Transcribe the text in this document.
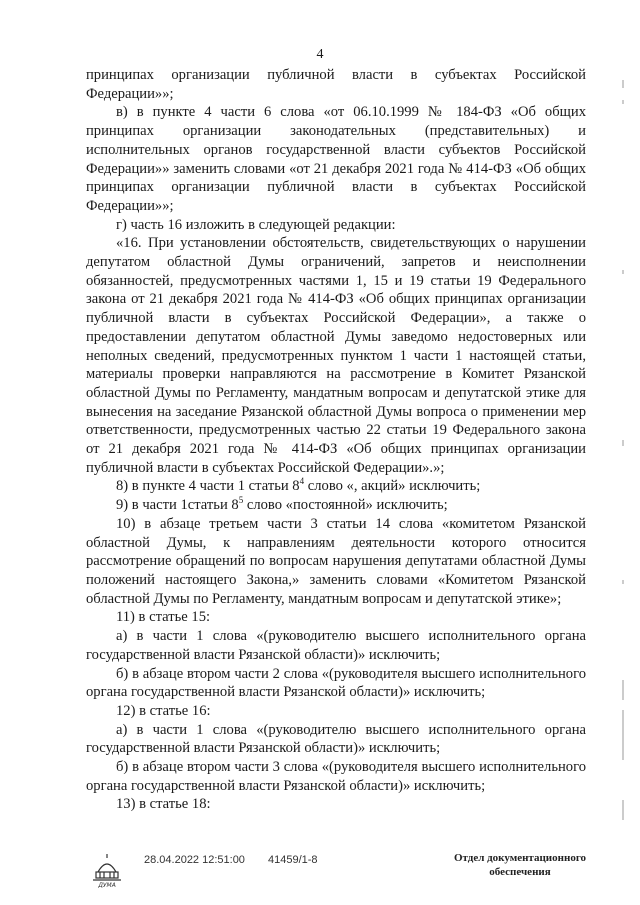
4

принципах организации публичной власти в субъектах Российской Федерации»»;

в) в пункте 4 части 6 слова «от 06.10.1999 № 184-ФЗ «Об общих принципах организации законодательных (представительных) и исполнительных органов государственной власти субъектов Российской Федерации»» заменить словами «от 21 декабря 2021 года № 414-ФЗ «Об общих принципах организации публичной власти в субъектах Российской Федерации»»;

г) часть 16 изложить в следующей редакции:

«16. При установлении обстоятельств, свидетельствующих о нарушении депутатом областной Думы ограничений, запретов и неисполнении обязанностей, предусмотренных частями 1, 15 и 19 статьи 19 Федерального закона от 21 декабря 2021 года № 414-ФЗ «Об общих принципах организации публичной власти в субъектах Российской Федерации», а также о предоставлении депутатом областной Думы заведомо недостоверных или неполных сведений, предусмотренных пунктом 1 части 1 настоящей статьи, материалы проверки направляются на рассмотрение в Комитет Рязанской областной Думы по Регламенту, мандатным вопросам и депутатской этике для вынесения на заседание Рязанской областной Думы вопроса о применении мер ответственности, предусмотренных частью 22 статьи 19 Федерального закона от 21 декабря 2021 года № 414-ФЗ «Об общих принципах организации публичной власти в субъектах Российской Федерации».»;

8) в пункте 4 части 1 статьи $8^4$ слово «, акций» исключить;

9) в части 1статьи $8^5$ слово «постоянной» исключить;

10) в абзаце третьем части 3 статьи 14 слова «комитетом Рязанской областной Думы, к направлениям деятельности которого относится рассмотрение обращений по вопросам нарушения депутатами областной Думы положений настоящего Закона,» заменить словами «Комитетом Рязанской областной Думы по Регламенту, мандатным вопросам и депутатской этике»;

11) в статье 15:

а) в части 1 слова «(руководителю высшего исполнительного органа государственной власти Рязанской области)» исключить;

б) в абзаце втором части 2 слова «(руководителя высшего исполнительного органа государственной власти Рязанской области)» исключить;

12) в статье 16:

а) в части 1 слова «(руководителю высшего исполнительного органа государственной власти Рязанской области)» исключить;

б) в абзаце втором части 3 слова «(руководителя высшего исполнительного органа государственной власти Рязанской области)» исключить;

13) в статье 18:

ДУМА
28.04.2022 12:51:00 41459/1-8	Отдел документационного
обеспечения
